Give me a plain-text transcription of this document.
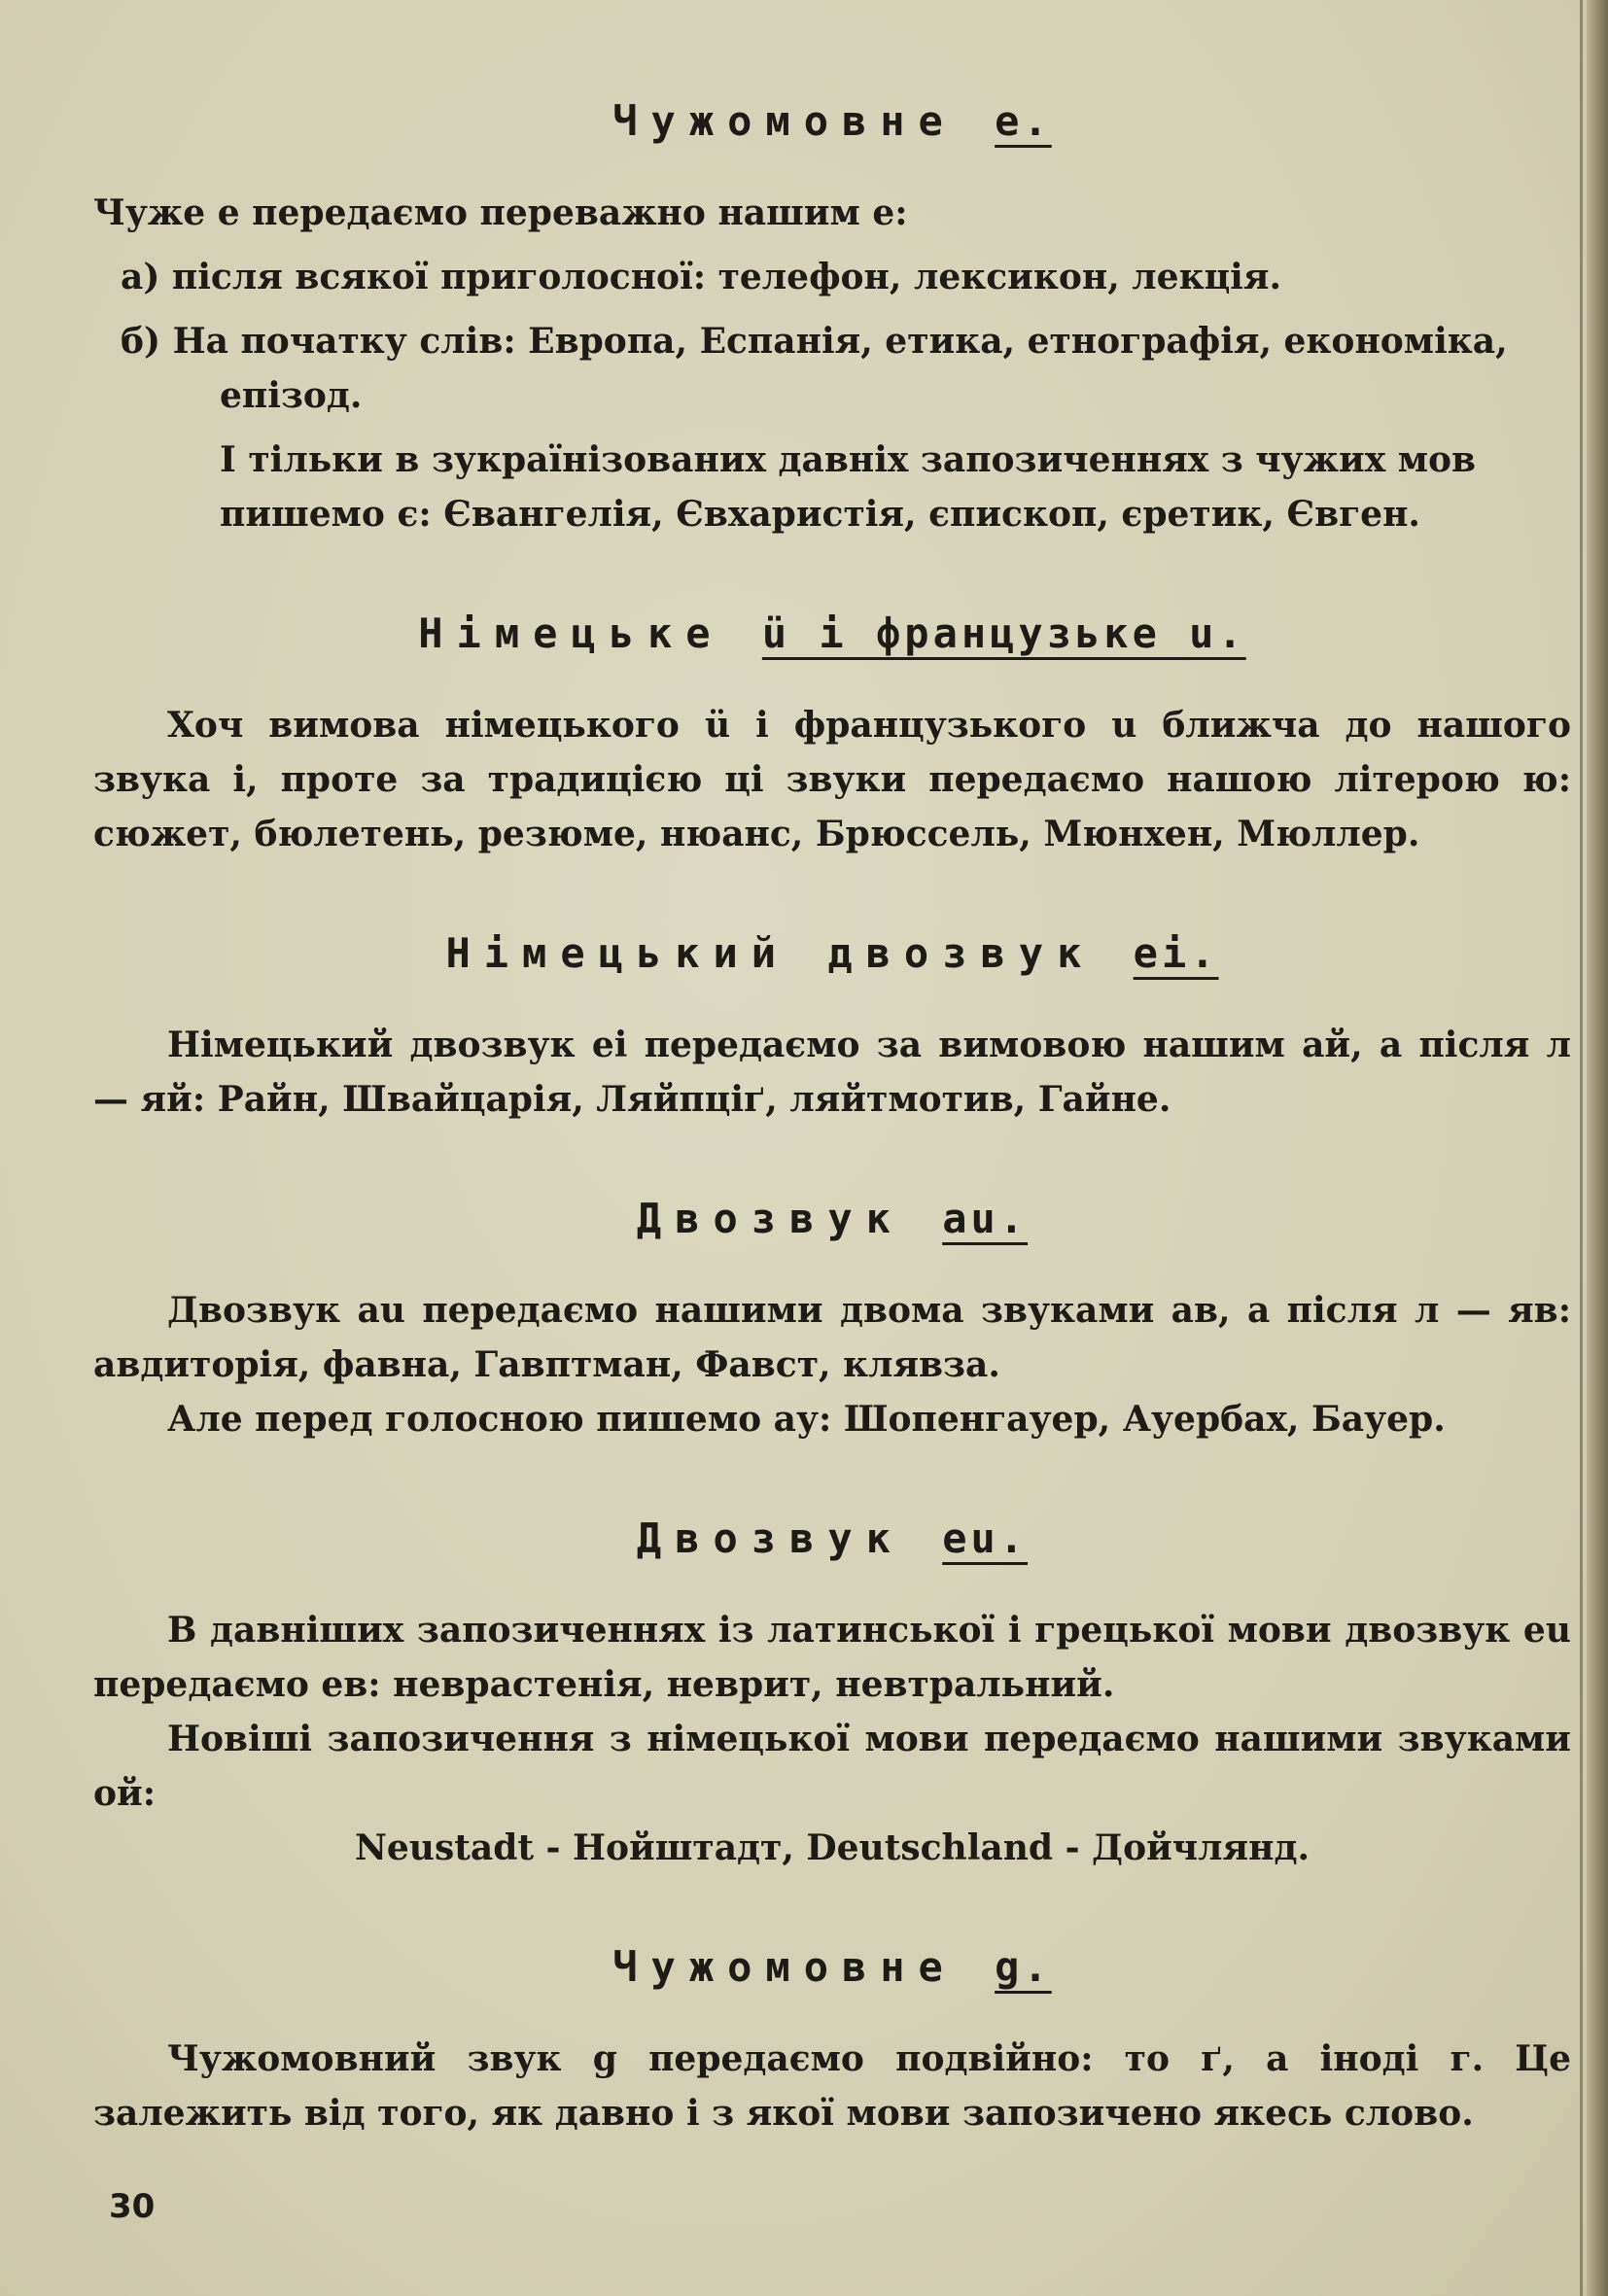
Чужомовне е.

Чуже е передаємо переважно нашим е:

а) після всякої приголосної: телефон, лексикон, лекція.

б) На початку слів: Европа, Еспанія, етика, етнографія, економіка,

епізод.

І тільки в зукраїнізованих давніх запозиченнях з чужих мов

пишемо є: Євангелія, Євхаристія, єпископ, єретик, Євген.

Німецьке ü і французьке u.

Хоч вимова німецького ü і французького u ближча до нашого звука і, проте за традицією ці звуки передаємо нашою літерою ю: сюжет, бюлетень, резюме, нюанс, Брюссель, Мюнхен, Мюллер.

Німецький двозвук ei.

Німецький двозвук ei передаємо за вимовою нашим ай, а після л — яй: Райн, Швайцарія, Ляйпціґ, ляйтмотив, Гайне.

Двозвук au.

Двозвук au передаємо нашими двома звуками ав, а після л — яв: авдиторія, фавна, Гавптман, Фавст, клявза.

Але перед голосною пишемо ау: Шопенгауер, Ауербах, Бауер.

Двозвук eu.

В давніших запозиченнях із латинської і грецької мови двозвук eu передаємо ев: неврастенія, неврит, невтральний.

Новіші запозичення з німецької мови передаємо нашими звуками ой:

Neustadt - Нойштадт, Deutschland - Дойчлянд.

Чужомовне g.

Чужомовний звук g передаємо подвійно: то ґ, а іноді г. Це залежить від того, як давно і з якої мови запозичено якесь слово.

30
